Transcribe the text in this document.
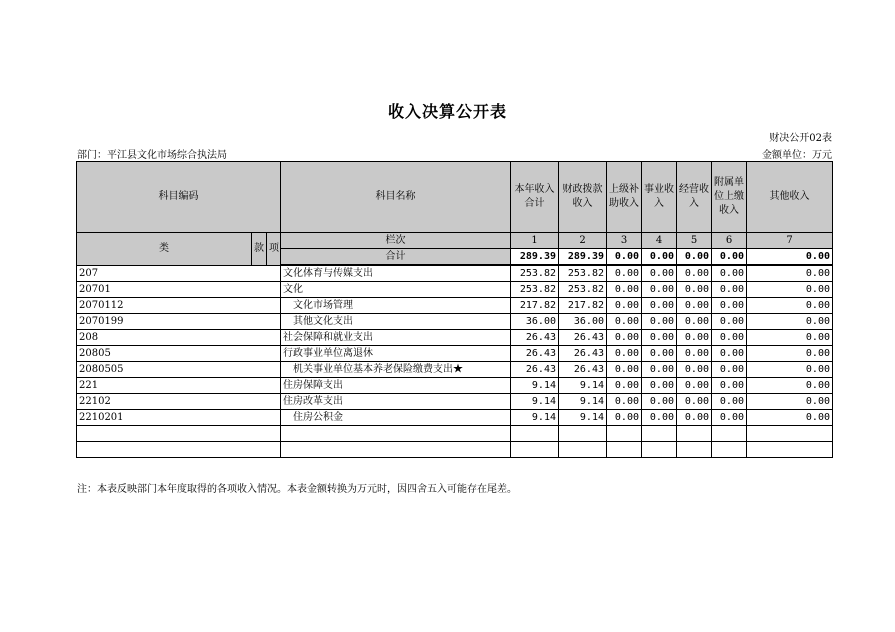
收入决算公开表
财决公开02表
部门：平江县文化市场综合执法局	金额单位：万元
科目编码			科目名称	本年收入合计	财政拨款收入	上级补助收入	事业收入	经营收入	附属单位上缴收入	其他收入
类	款	项	栏次	1	2	3	4	5	6	7
			合计	289.39	289.39	0.00	0.00	0.00	0.00	0.00
207			文化体育与传媒支出	253.82	253.82	0.00	0.00	0.00	0.00	0.00
20701			文化	253.82	253.82	0.00	0.00	0.00	0.00	0.00
2070112			文化市场管理	217.82	217.82	0.00	0.00	0.00	0.00	0.00
2070199			其他文化支出	36.00	36.00	0.00	0.00	0.00	0.00	0.00
208			社会保障和就业支出	26.43	26.43	0.00	0.00	0.00	0.00	0.00
20805			行政事业单位离退休	26.43	26.43	0.00	0.00	0.00	0.00	0.00
2080505			机关事业单位基本养老保险缴费支出★	26.43	26.43	0.00	0.00	0.00	0.00	0.00
221			住房保障支出	9.14	9.14	0.00	0.00	0.00	0.00	0.00
22102			住房改革支出	9.14	9.14	0.00	0.00	0.00	0.00	0.00
2210201			住房公积金	9.14	9.14	0.00	0.00	0.00	0.00	0.00

注：本表反映部门本年度取得的各项收入情况。本表金额转换为万元时，因四舍五入可能存在尾差。
